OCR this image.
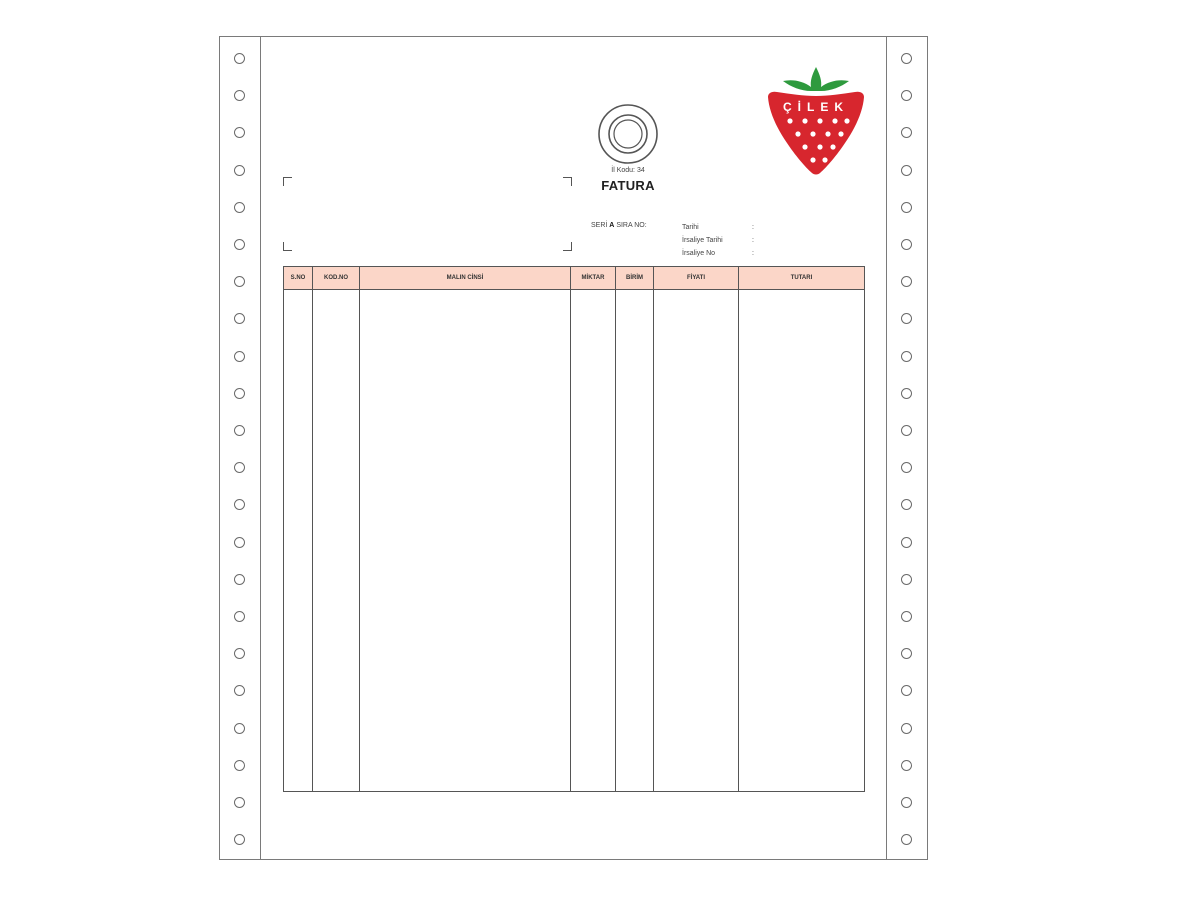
İl Kodu: 34
FATURA
ÇİLEK
SERİ A SIRA NO:	Tarihi	:
İrsaliye Tarihi	:
İrsaliye No	:
S.NO	KOD.NO	MALIN CİNSİ	MİKTAR	BİRİM	FİYATI	TUTARI
